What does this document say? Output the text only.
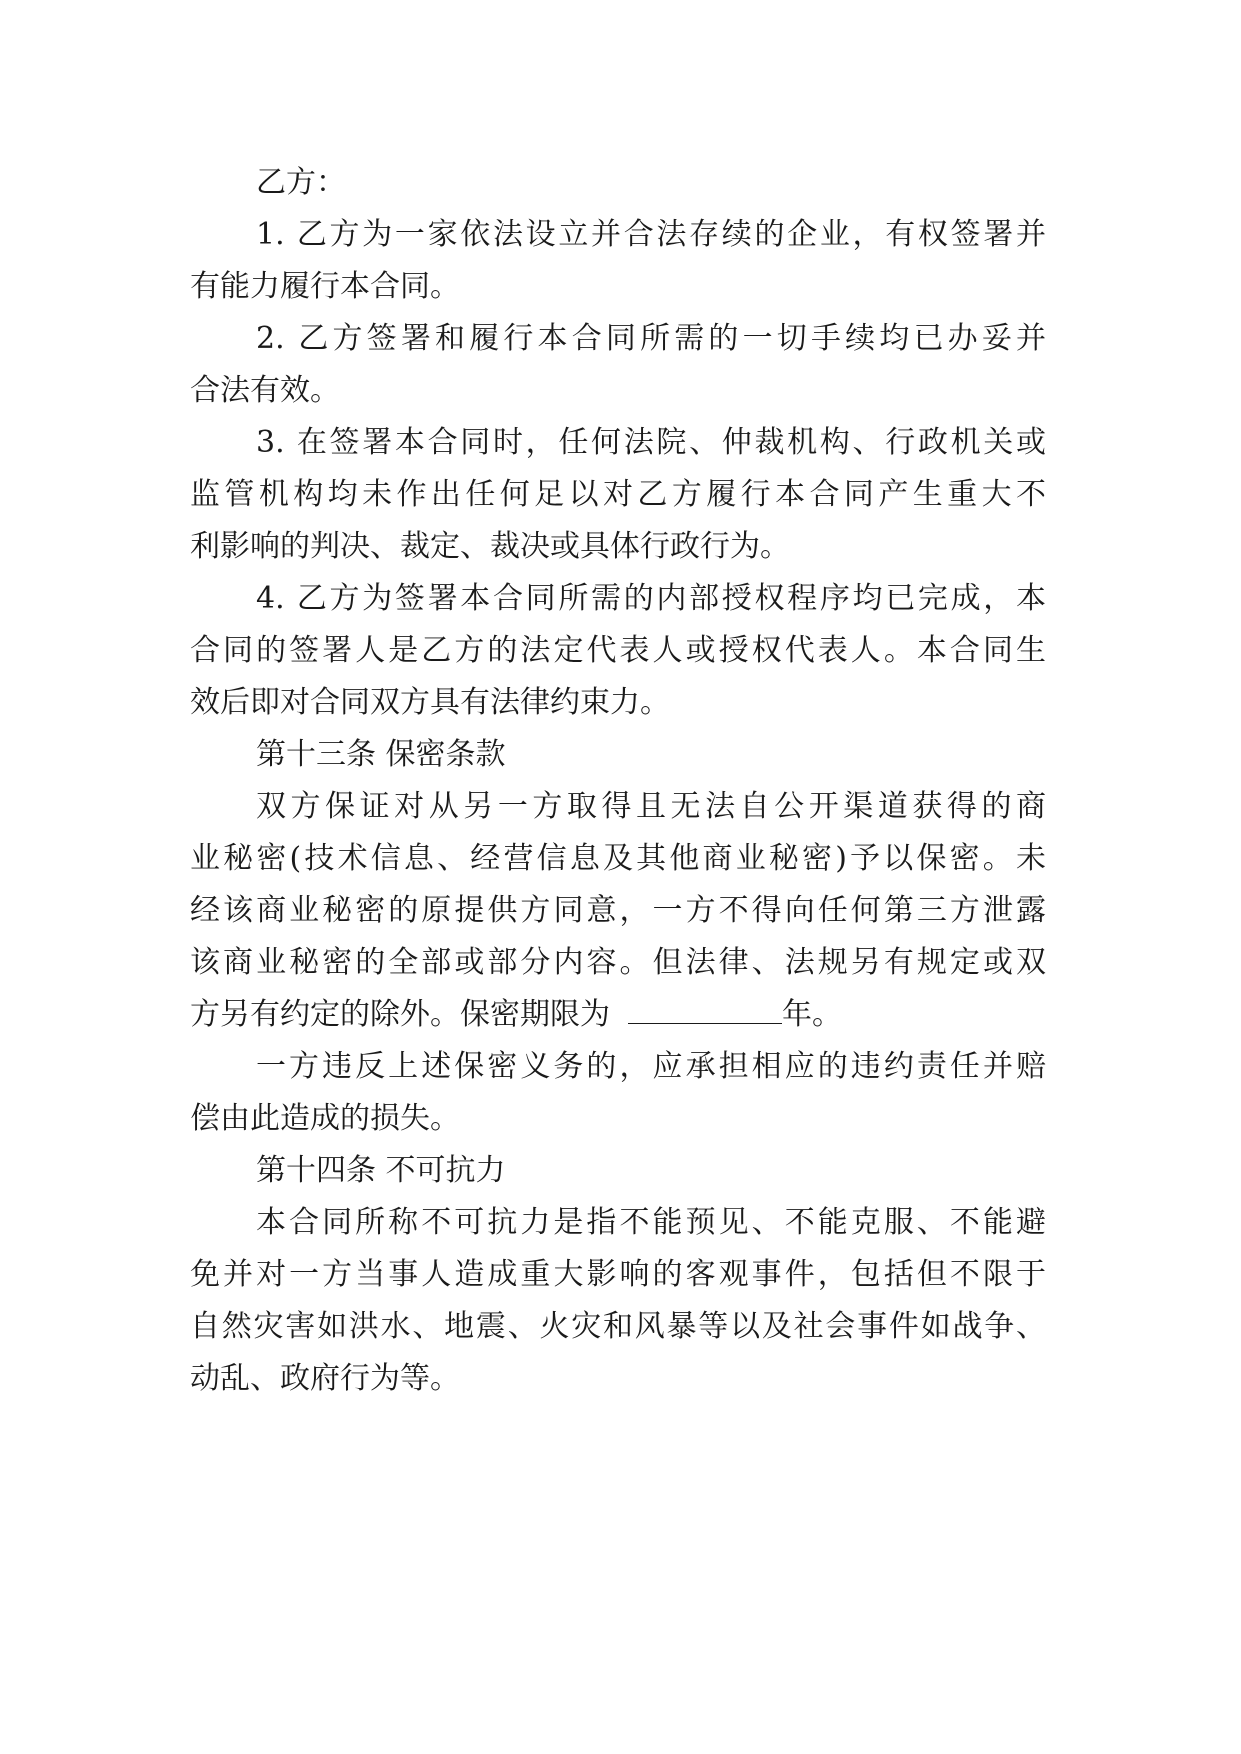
乙方：
1. 乙方为一家依法设立并合法存续的企业，有权签署并
有能力履行本合同。
2. 乙方签署和履行本合同所需的一切手续均已办妥并
合法有效。
3. 在签署本合同时，任何法院、仲裁机构、行政机关或
监管机构均未作出任何足以对乙方履行本合同产生重大不
利影响的判决、裁定、裁决或具体行政行为。
4. 乙方为签署本合同所需的内部授权程序均已完成，本
合同的签署人是乙方的法定代表人或授权代表人。本合同生
效后即对合同双方具有法律约束力。
第十三条 保密条款
双方保证对从另一方取得且无法自公开渠道获得的商
业秘密(技术信息、经营信息及其他商业秘密)予以保密。未
经该商业秘密的原提供方同意，一方不得向任何第三方泄露
该商业秘密的全部或部分内容。但法律、法规另有规定或双
方另有约定的除外。保密期限为	年。
一方违反上述保密义务的，应承担相应的违约责任并赔
偿由此造成的损失。
第十四条 不可抗力
本合同所称不可抗力是指不能预见、不能克服、不能避
免并对一方当事人造成重大影响的客观事件，包括但不限于
自然灾害如洪水、地震、火灾和风暴等以及社会事件如战争、
动乱、政府行为等。
